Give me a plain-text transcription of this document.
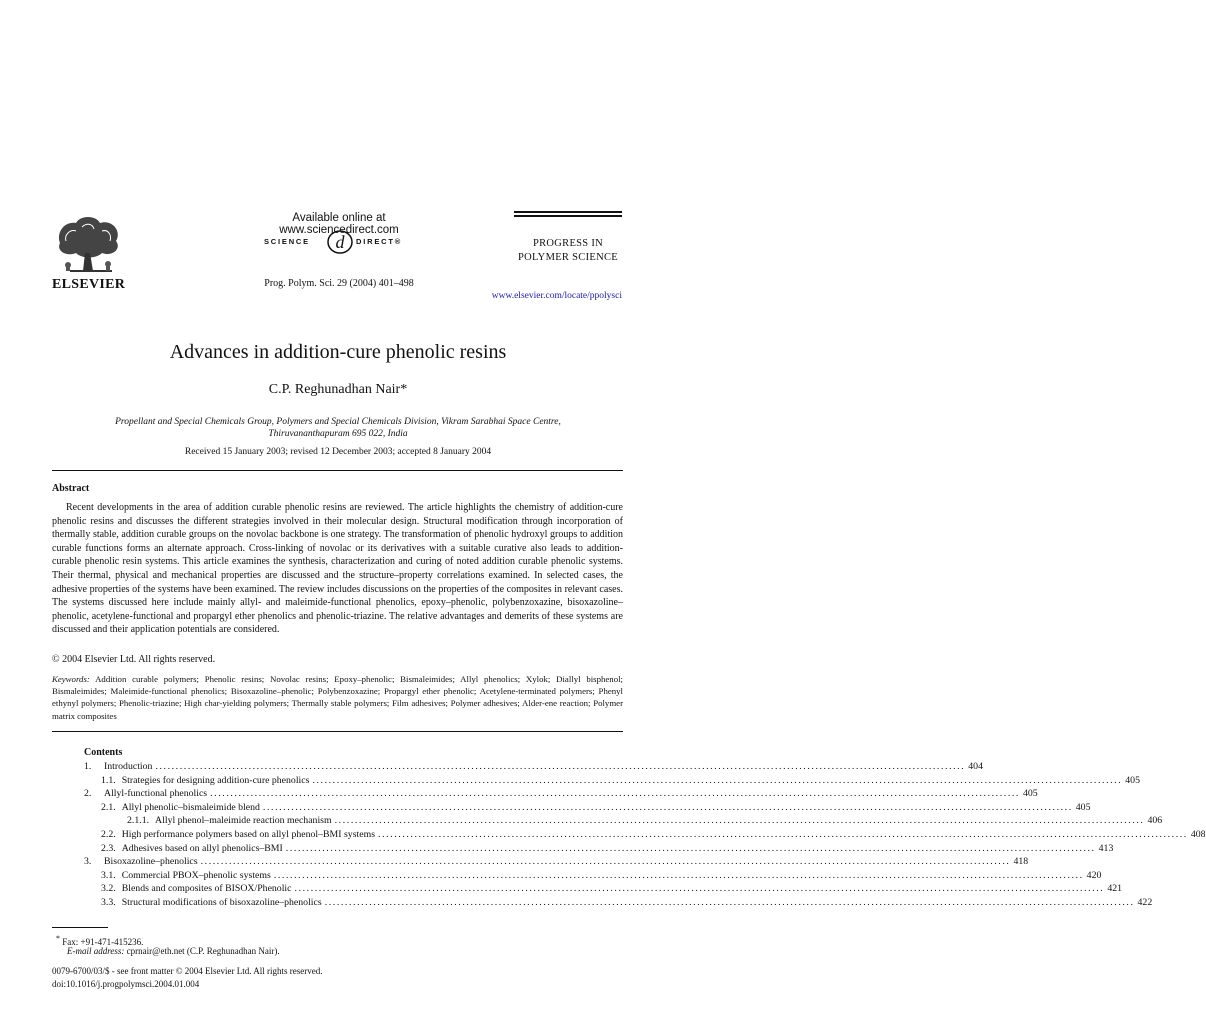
ELSEVIER
Available online at www.sciencedirect.com
SCIENCE d DIRECT®
Prog. Polym. Sci. 29 (2004) 401–498
PROGRESS IN
POLYMER SCIENCE
www.elsevier.com/locate/ppolysci
Advances in addition-cure phenolic resins
C.P. Reghunadhan Nair*
Propellant and Special Chemicals Group, Polymers and Special Chemicals Division, Vikram Sarabhai Space Centre, Thiruvananthapuram 695 022, India
Received 15 January 2003; revised 12 December 2003; accepted 8 January 2004
Abstract
Recent developments in the area of addition curable phenolic resins are reviewed. The article highlights the chemistry of addition-cure phenolic resins and discusses the different strategies involved in their molecular design. Structural modification through incorporation of thermally stable, addition curable groups on the novolac backbone is one strategy. The transformation of phenolic hydroxyl groups to addition curable functions forms an alternate approach. Cross-linking of novolac or its derivatives with a suitable curative also leads to addition-curable phenolic resin systems. This article examines the synthesis, characterization and curing of noted addition curable phenolic systems. Their thermal, physical and mechanical properties are discussed and the structure–property correlations examined. In selected cases, the adhesive properties of the systems have been examined. The review includes discussions on the properties of the composites in relevant cases. The systems discussed here include mainly allyl- and maleimide-functional phenolics, epoxy–phenolic, polybenzoxazine, bisoxazoline–phenolic, acetylene-functional and propargyl ether phenolics and phenolic-triazine. The relative advantages and demerits of these systems are discussed and their application potentials are considered.
© 2004 Elsevier Ltd. All rights reserved.
Keywords: Addition curable polymers; Phenolic resins; Novolac resins; Epoxy–phenolic; Bismaleimides; Allyl phenolics; Xylok; Diallyl bisphenol; Bismaleimides; Maleimide-functional phenolics; Bisoxazoline–phenolic; Polybenzoxazine; Propargyl ether phenolic; Acetylene-terminated polymers; Phenyl ethynyl polymers; Phenolic-triazine; High char-yielding polymers; Thermally stable polymers; Film adhesives; Polymer adhesives; Alder-ene reaction; Polymer matrix composites
Contents
1.	Introduction ........................................................................................................................................................................................................ 404
1.1. Strategies for designing addition-cure phenolics ........................................................................................................................................................................................................ 405
2.	Allyl-functional phenolics ........................................................................................................................................................................................................ 405
2.1. Allyl phenolic–bismaleimide blend ........................................................................................................................................................................................................ 405
2.1.1. Allyl phenol–maleimide reaction mechanism ........................................................................................................................................................................................................ 406
2.2. High performance polymers based on allyl phenol–BMI systems ........................................................................................................................................................................................................ 408
2.3. Adhesives based on allyl phenolics–BMI ........................................................................................................................................................................................................ 413
3.	Bisoxazoline–phenolics ........................................................................................................................................................................................................ 418
3.1. Commercial PBOX–phenolic systems ........................................................................................................................................................................................................ 420
3.2. Blends and composites of BISOX/Phenolic ........................................................................................................................................................................................................ 421
3.3. Structural modifications of bisoxazoline–phenolics ........................................................................................................................................................................................................ 422
* Fax: +91-471-415236.
E-mail address: cprnair@eth.net (C.P. Reghunadhan Nair).
0079-6700/03/$ - see front matter © 2004 Elsevier Ltd. All rights reserved.
doi:10.1016/j.progpolymsci.2004.01.004
